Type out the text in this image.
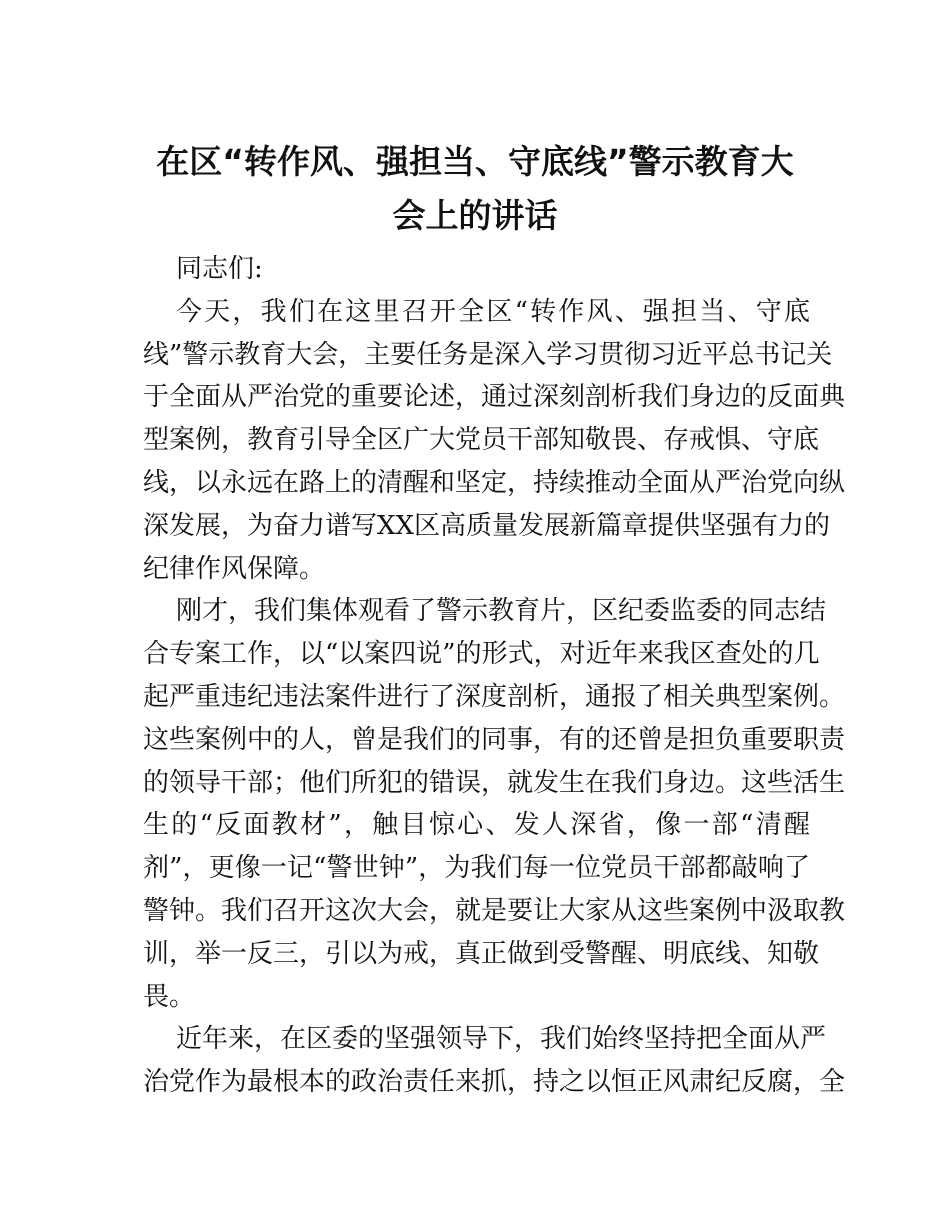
在区“转作风、强担当、守底线”警示教育大
会上的讲话
同志们:
今天，我们在这里召开全区“转作风、强担当、守底
线”警示教育大会，主要任务是深入学习贯彻习近平总书记关
于全面从严治党的重要论述，通过深刻剖析我们身边的反面典
型案例，教育引导全区广大党员干部知敬畏、存戒惧、守底
线，以永远在路上的清醒和坚定，持续推动全面从严治党向纵
深发展，为奋力谱写XX区高质量发展新篇章提供坚强有力的
纪律作风保障。
刚才，我们集体观看了警示教育片，区纪委监委的同志结
合专案工作，以“以案四说”的形式，对近年来我区查处的几
起严重违纪违法案件进行了深度剖析，通报了相关典型案例。
这些案例中的人，曾是我们的同事，有的还曾是担负重要职责
的领导干部；他们所犯的错误，就发生在我们身边。这些活生
生的“反面教材”，触目惊心、发人深省，像一部“清醒
剂”，更像一记“警世钟”，为我们每一位党员干部都敲响了
警钟。我们召开这次大会，就是要让大家从这些案例中汲取教
训，举一反三，引以为戒，真正做到受警醒、明底线、知敬
畏。
近年来，在区委的坚强领导下，我们始终坚持把全面从严
治党作为最根本的政治责任来抓，持之以恒正风肃纪反腐，全
